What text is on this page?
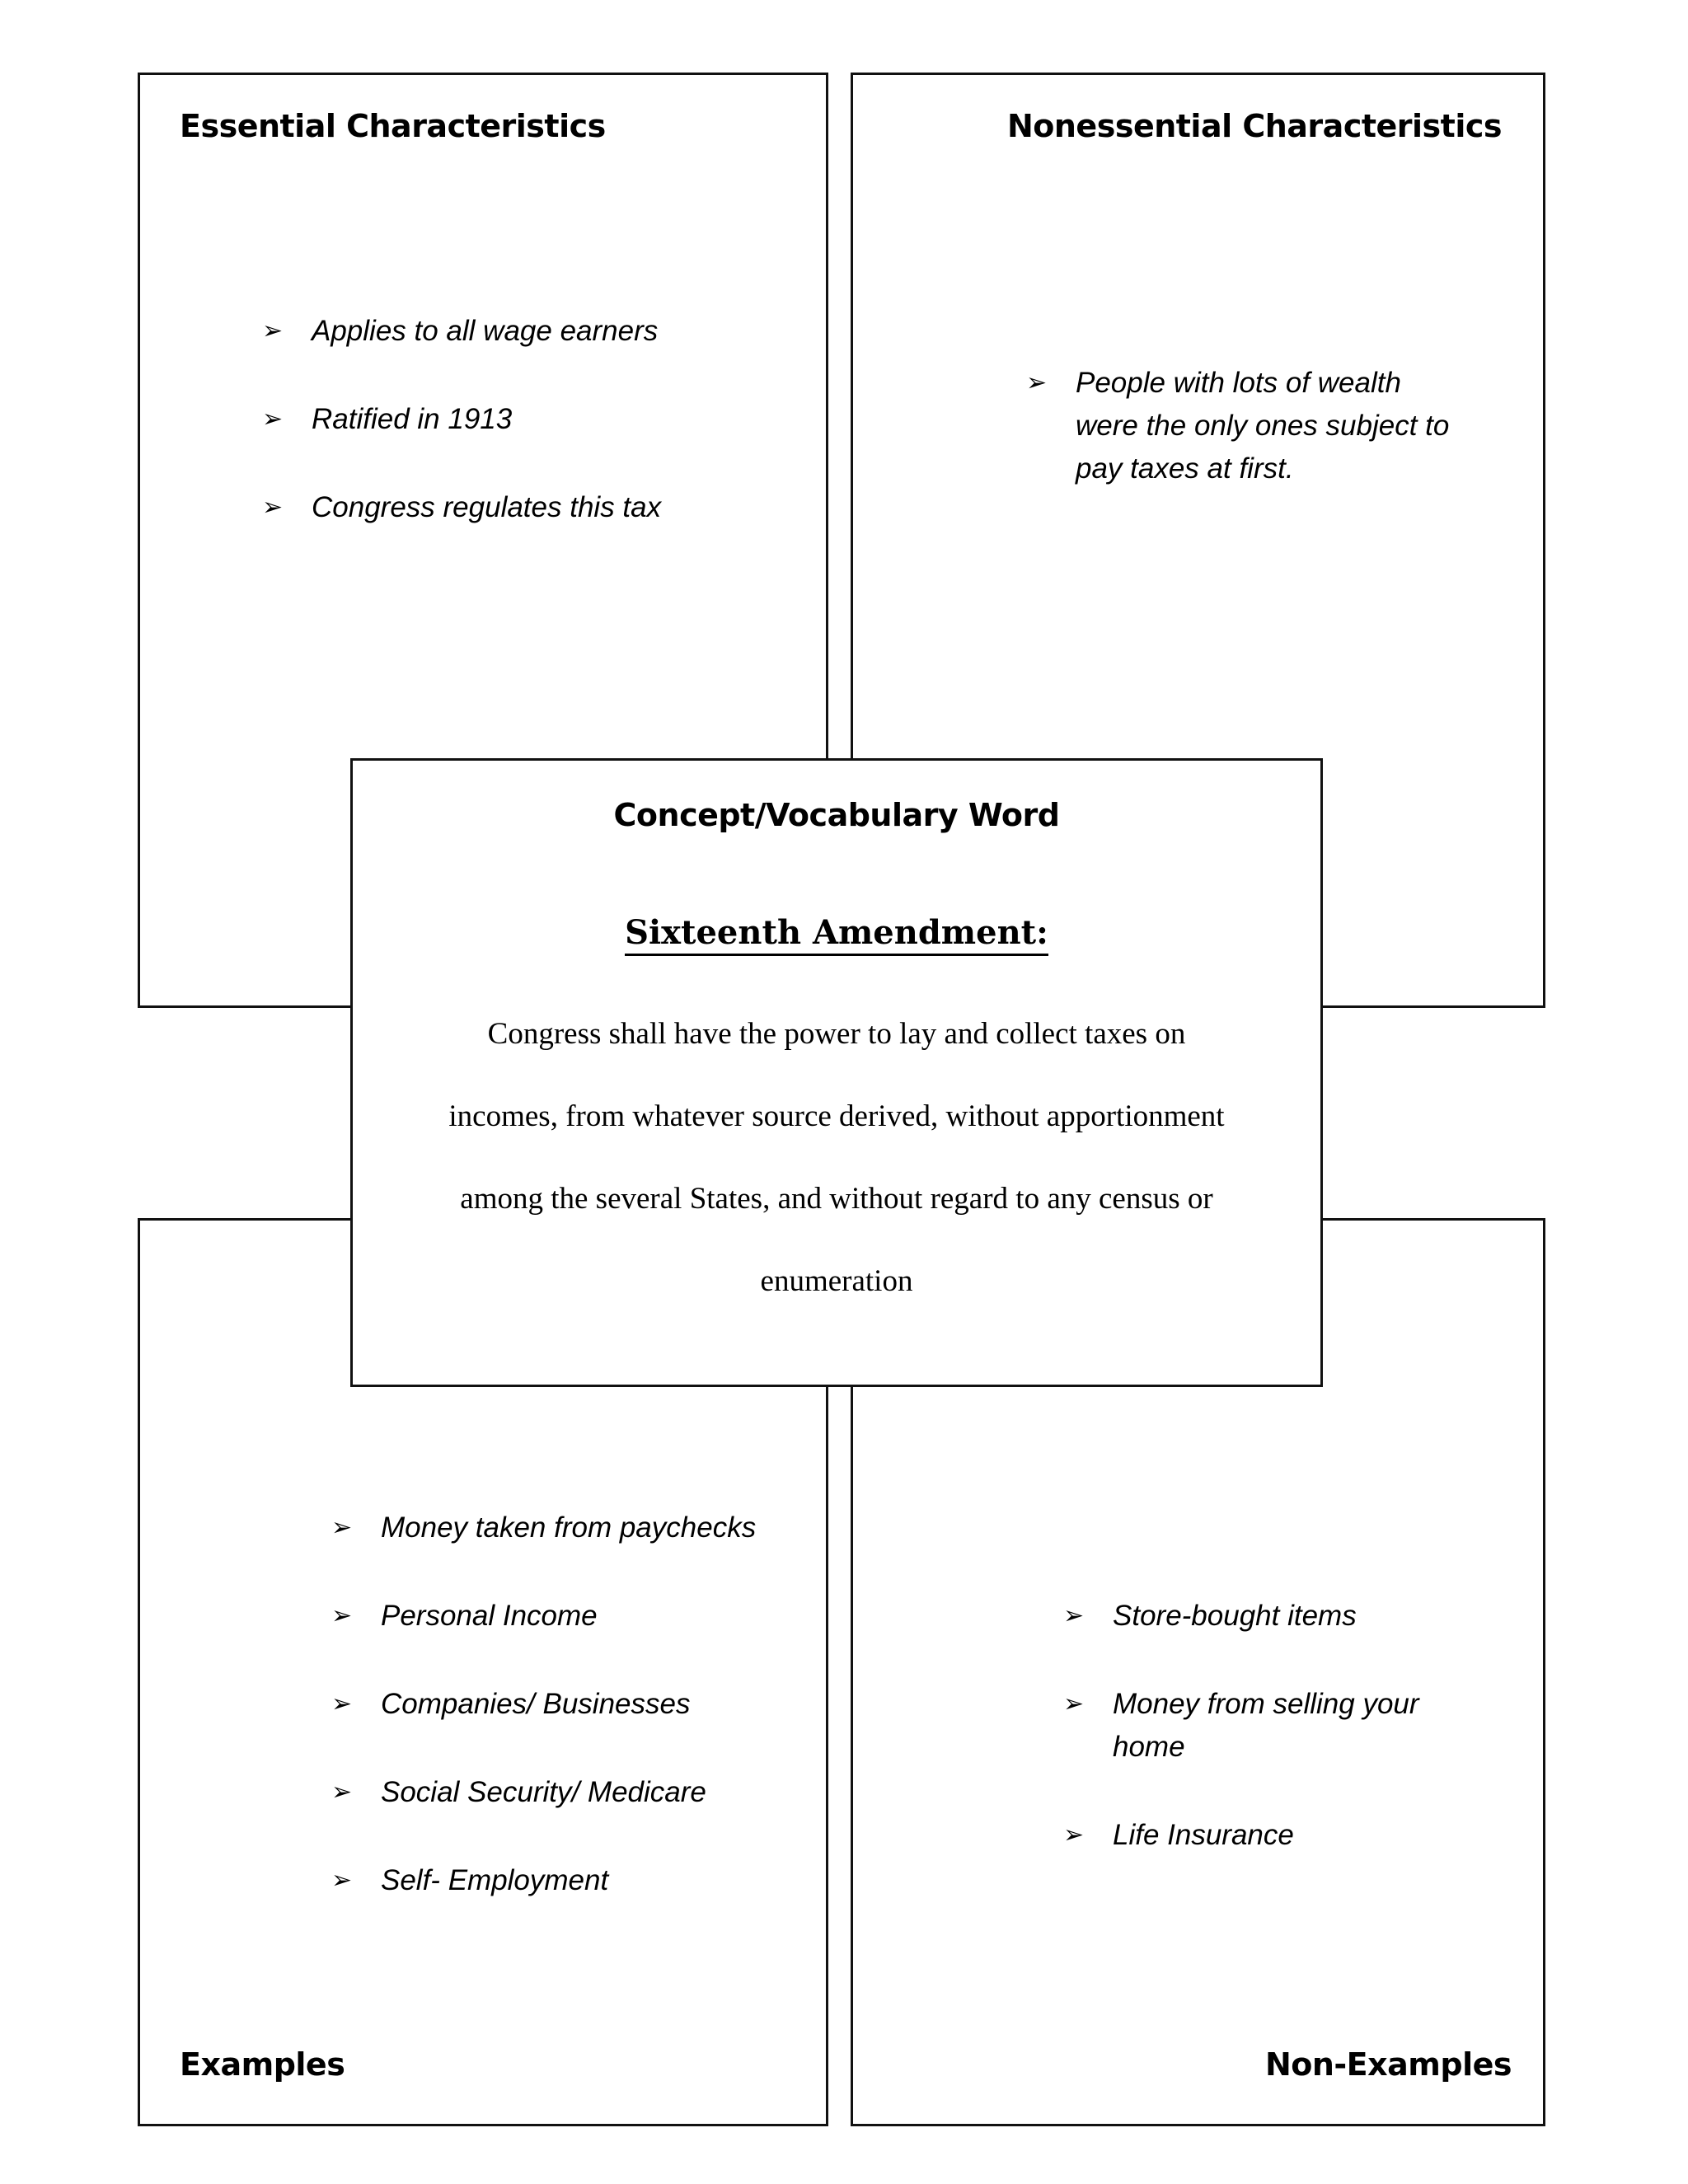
Essential Characteristics
➢ Applies to all wage earners
➢ Ratified in 1913
➢ Congress regulates this tax
Nonessential Characteristics
➢ People with lots of wealth were the only ones subject to pay taxes at first.
➢ Money taken from paychecks
➢ Personal Income
➢ Companies/ Businesses
➢ Social Security/ Medicare
➢ Self- Employment
Examples
➢ Store-bought items
➢ Money from selling your home
➢ Life Insurance
Non-Examples
Concept/Vocabulary Word
Sixteenth Amendment:
Congress shall have the power to lay and collect taxes on incomes, from whatever source derived, without apportionment among the several States, and without regard to any census or enumeration
